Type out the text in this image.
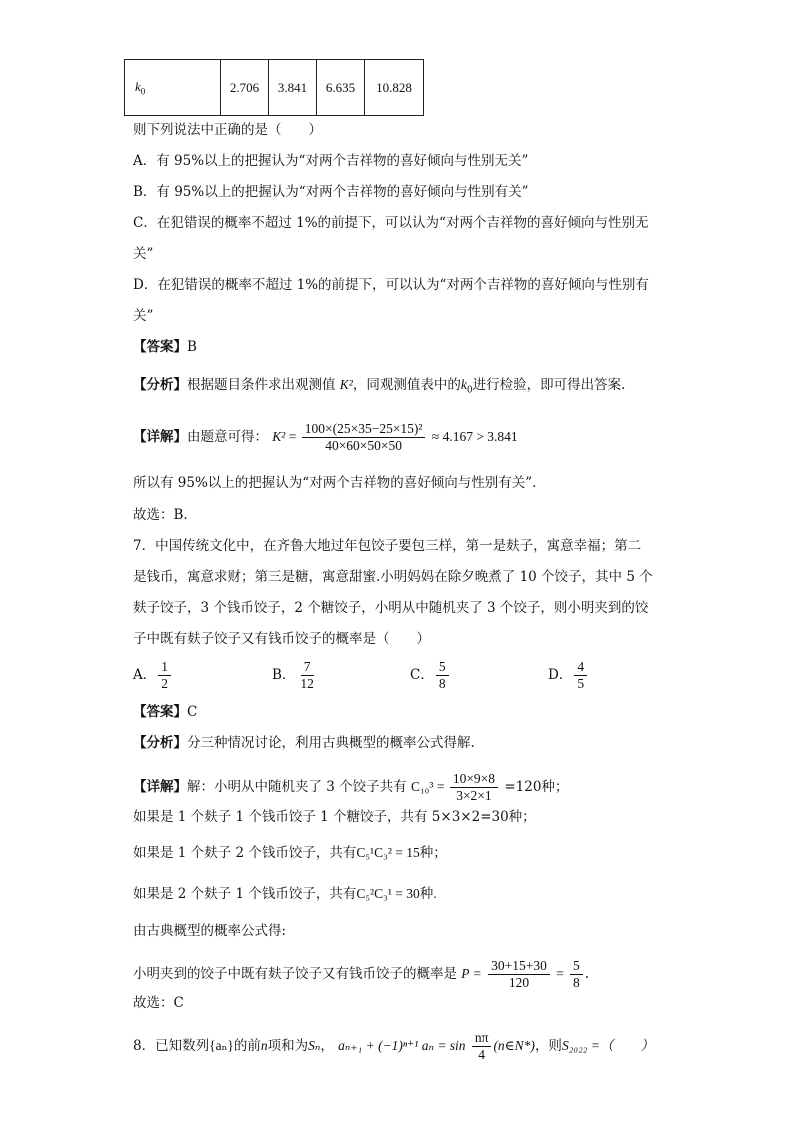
$k_0$	2.706	3.841	6.635	10.828
则下列说法中正确的是（　　）
A．有 95%以上的把握认为“对两个吉祥物的喜好倾向与性别无关”
B．有 95%以上的把握认为“对两个吉祥物的喜好倾向与性别有关”
C．在犯错误的概率不超过 1%的前提下，可以认为“对两个吉祥物的喜好倾向与性别无
关”
D．在犯错误的概率不超过 1%的前提下，可以认为“对两个吉祥物的喜好倾向与性别有
关”
【答案】B
【分析】根据题目条件求出观测值 K²，同观测值表中的$k_0$进行检验，即可得出答案.
【详解】由题意可得： $K^2 = \frac{\text{100×(25×35−25×15)²}}{40\times 60\times 50\times 50} \approx 4.167 > 3.841$
所以有 95%以上的把握认为“对两个吉祥物的喜好倾向与性别有关”.
故选：B.
7．中国传统文化中，在齐鲁大地过年包饺子要包三样，第一是麸子，寓意幸福；第二
是钱币，寓意求财；第三是糖，寓意甜蜜.小明妈妈在除夕晚煮了 10 个饺子，其中 5 个
麸子饺子，3 个钱币饺子，2 个糖饺子，小明从中随机夹了 3 个饺子，则小明夹到的饺
子中既有麸子饺子又有钱币饺子的概率是（　　）
A． $\frac{1}{2}$	B． $\frac{7}{12}$	C． $\frac{5}{8}$	D． $\frac{4}{5}$
【答案】C
【分析】分三种情况讨论，利用古典概型的概率公式得解.
【详解】解：小明从中随机夹了 3 个饺子共有 $C_{10}^3 = \frac{10\times 9\times 8}{3\times 2\times 1} =120$种；
如果是 1 个麸子 1 个钱币饺子 1 个糖饺子，共有 5×3×2=30种；
如果是 1 个麸子 2 个钱币饺子，共有C₅¹C₃² = 15种；
如果是 2 个麸子 1 个钱币饺子，共有C₅²C₃¹ = 30种.
由古典概型的概率公式得:
小明夹到的饺子中既有麸子饺子又有钱币饺子的概率是 $P = \frac{30+15+30}{120} = \frac{5}{8}$ .
故选：C
8．已知数列{aₙ}的前n项和为Sₙ， aₙ₊₁ + (−1)ⁿ⁺¹ $a_n = \sin \frac{n\pi}{4}$ (n∈N*)，则S₂₀₂₂ =（　　）
